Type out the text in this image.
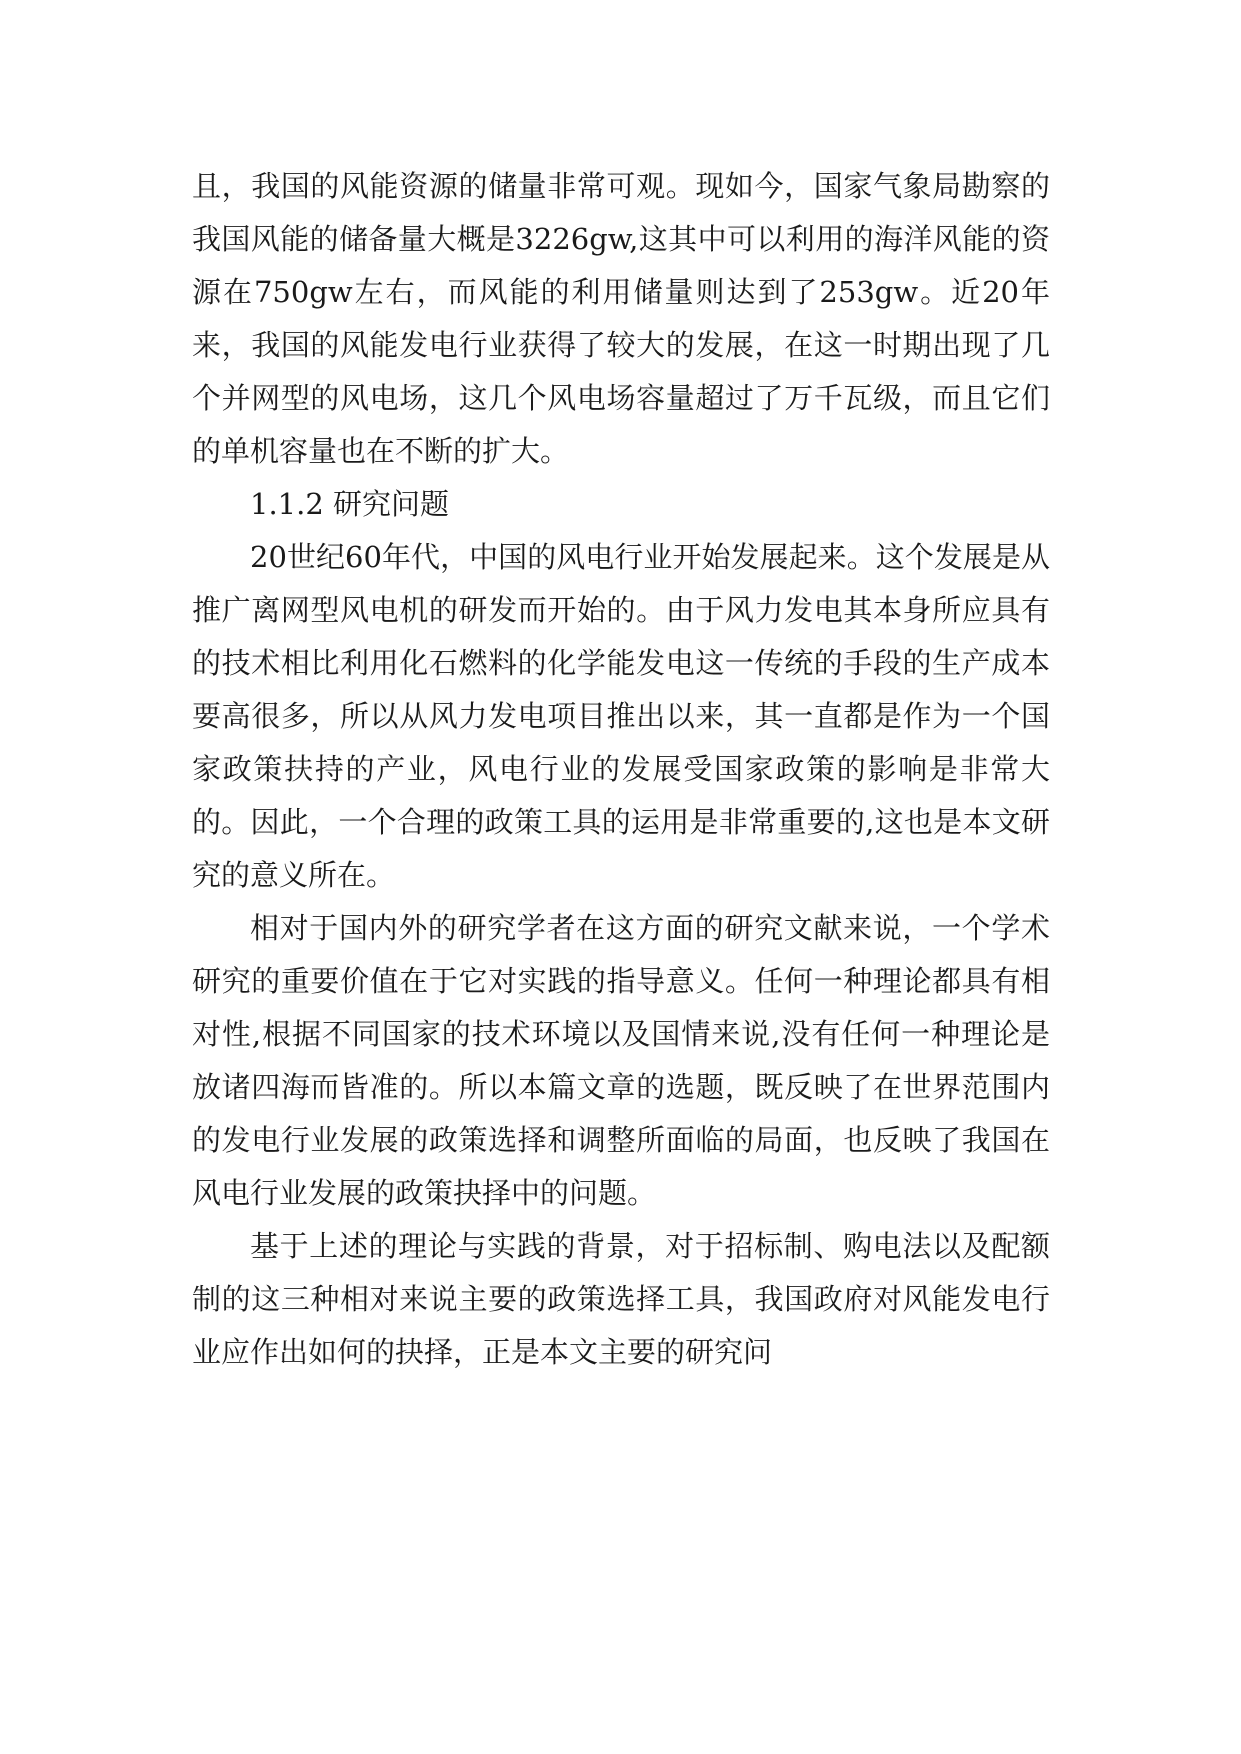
且，我国的风能资源的储量非常可观。现如今，国家气象局勘察的我国风能的储备量大概是3226gw,这其中可以利用的海洋风能的资源在750gw左右，而风能的利用储量则达到了253gw。近20年来，我国的风能发电行业获得了较大的发展，在这一时期出现了几个并网型的风电场，这几个风电场容量超过了万千瓦级，而且它们的单机容量也在不断的扩大。

1.1.2 研究问题

20世纪60年代，中国的风电行业开始发展起来。这个发展是从推广离网型风电机的研发而开始的。由于风力发电其本身所应具有的技术相比利用化石燃料的化学能发电这一传统的手段的生产成本要高很多，所以从风力发电项目推出以来，其一直都是作为一个国家政策扶持的产业，风电行业的发展受国家政策的影响是非常大的。因此，一个合理的政策工具的运用是非常重要的,这也是本文研究的意义所在。

相对于国内外的研究学者在这方面的研究文献来说，一个学术研究的重要价值在于它对实践的指导意义。任何一种理论都具有相对性,根据不同国家的技术环境以及国情来说,没有任何一种理论是放诸四海而皆准的。所以本篇文章的选题，既反映了在世界范围内的发电行业发展的政策选择和调整所面临的局面，也反映了我国在风电行业发展的政策抉择中的问题。

基于上述的理论与实践的背景，对于招标制、购电法以及配额制的这三种相对来说主要的政策选择工具，我国政府对风能发电行业应作出如何的抉择，正是本文主要的研究问
